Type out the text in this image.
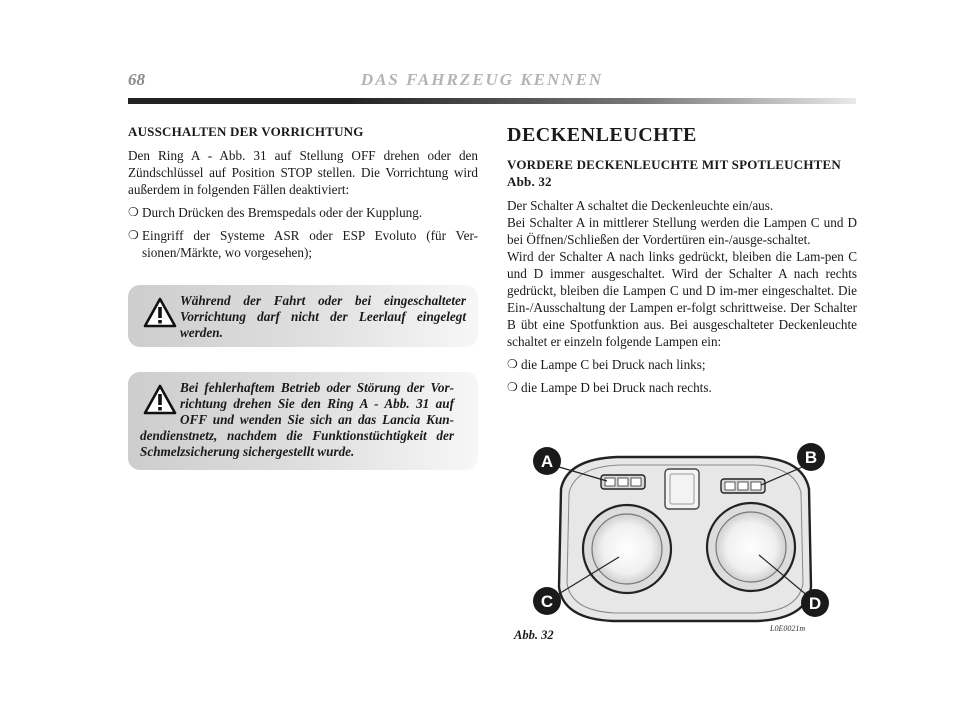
68	DAS FAHRZEUG KENNEN
AUSSCHALTEN DER VORRICHTUNG

Den Ring A - Abb. 31 auf Stellung OFF drehen oder den Zündschlüssel auf Position STOP stellen. Die Vorrichtung wird außerdem in folgenden Fällen deaktiviert:

❍ Durch Drücken des Bremspedals oder der Kupplung.
❍ Eingriff der Systeme ASR oder ESP Evoluto (für Ver-sionen/Märkte, wo vorgesehen);
Während der Fahrt oder bei eingeschalteter Vorrichtung darf nicht der Leerlauf eingelegt werden.
Bei fehlerhaftem Betrieb oder Störung der Vor-richtung drehen Sie den Ring A - Abb. 31 auf OFF und wenden Sie sich an das Lancia Kun-dendienstnetz, nachdem die Funktionstüchtigkeit der Schmelzsicherung sichergestellt wurde.
DECKENLEUCHTE
VORDERE DECKENLEUCHTE MIT SPOTLEUCHTEN Abb. 32

Der Schalter A schaltet die Deckenleuchte ein/aus.

Bei Schalter A in mittlerer Stellung werden die Lampen C und D bei Öffnen/Schließen der Vordertüren ein-/ausge-schaltet.

Wird der Schalter A nach links gedrückt, bleiben die Lam-pen C und D immer ausgeschaltet. Wird der Schalter A nach rechts gedrückt, bleiben die Lampen C und D im-mer eingeschaltet. Die Ein-/Ausschaltung der Lampen er-folgt schrittweise. Der Schalter B übt eine Spotfunktion aus. Bei ausgeschalteter Deckenleuchte schaltet er einzeln folgende Lampen ein:

❍ die Lampe C bei Druck nach links;
❍ die Lampe D bei Druck nach rechts.
A	B
C	D
Abb. 32	L0E0021m
